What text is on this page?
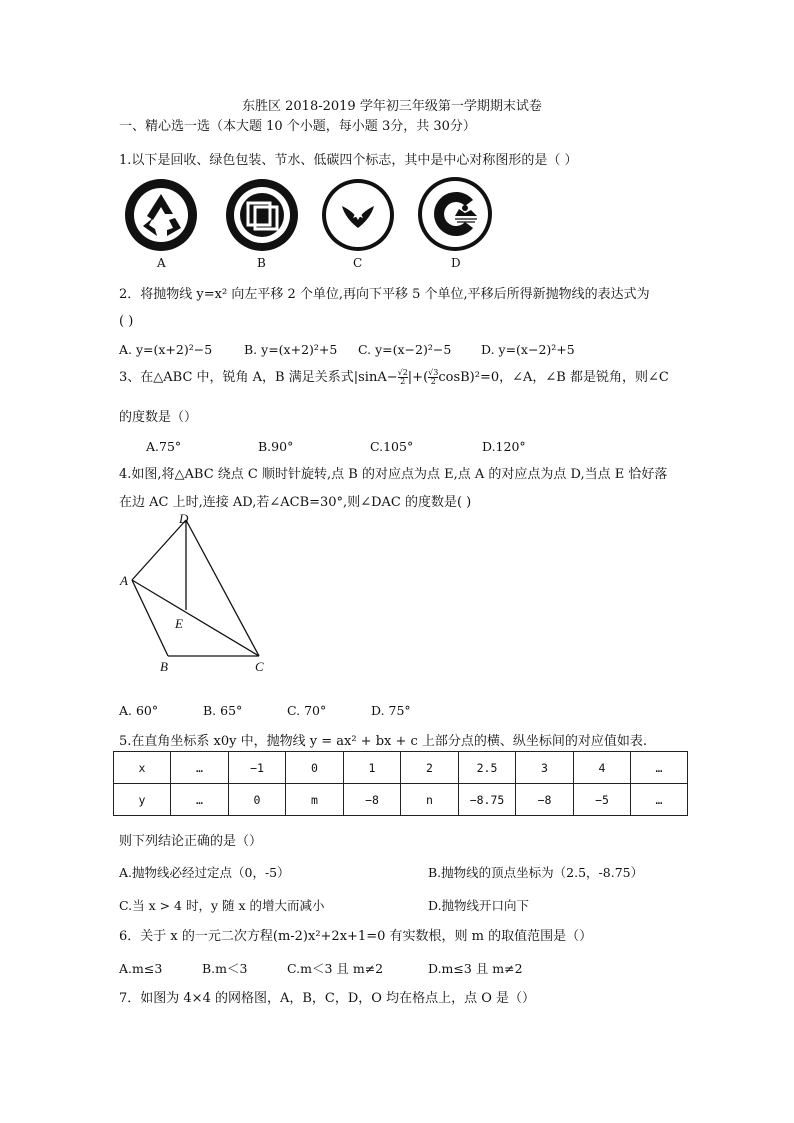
东胜区 2018-2019 学年初三年级第一学期期末试卷
一、精心选一选（本大题 10 个小题，每小题 3分，共 30分）
1.以下是回收、绿色包装、节水、低碳四个标志，其中是中心对称图形的是（ ）
A	B	C	D
2．将抛物线 y=x² 向左平移 2 个单位,再向下平移 5 个单位,平移后所得新抛物线的表达式为
( )
A. y=(x+2)²−5	B. y=(x+2)²+5 C. y=(x−2)²−5 D. y=(x−2)²+5
3、在△ABC 中，锐角 A，B 满足关系式$|\sin A- \frac{√2}{2}$ |+( $\frac{√3}{2} \cos B)^2=0$，∠A，∠B 都是锐角，则∠C
的度数是（）
A.75°	B.90°	C.105°	D.120°
4.如图,将△ABC 绕点 C 顺时针旋转,点 B 的对应点为点 E,点 A 的对应点为点 D,当点 E 恰好落
在边 AC 上时,连接 AD,若∠ACB=30°,则∠DAC 的度数是( )
D
A
E
B	C
A. 60°	B. 65°	C. 70°	D. 75°
5.在直角坐标系 x0y 中，抛物线 y = ax² + bx + c 上部分点的横、纵坐标间的对应值如表.
x	…	−1	0	1	2	2.5	3	4	…
y	…	0	m	−8	n	−8.75	−8	−5	…
则下列结论正确的是（）
A.抛物线必经过定点（0，-5）	B.抛物线的顶点坐标为（2.5，-8.75）
C.当 x > 4 时，y 随 x 的增大而减小	D.抛物线开口向下
6．关于 x 的一元二次方程(m-2)x²+2x+1=0 有实数根，则 m 的取值范围是（）
A.m≤3	B.m＜3	C.m＜3 且 m≠2	D.m≤3 且 m≠2
7．如图为 4×4 的网格图，A，B，C，D，O 均在格点上，点 O 是（）
